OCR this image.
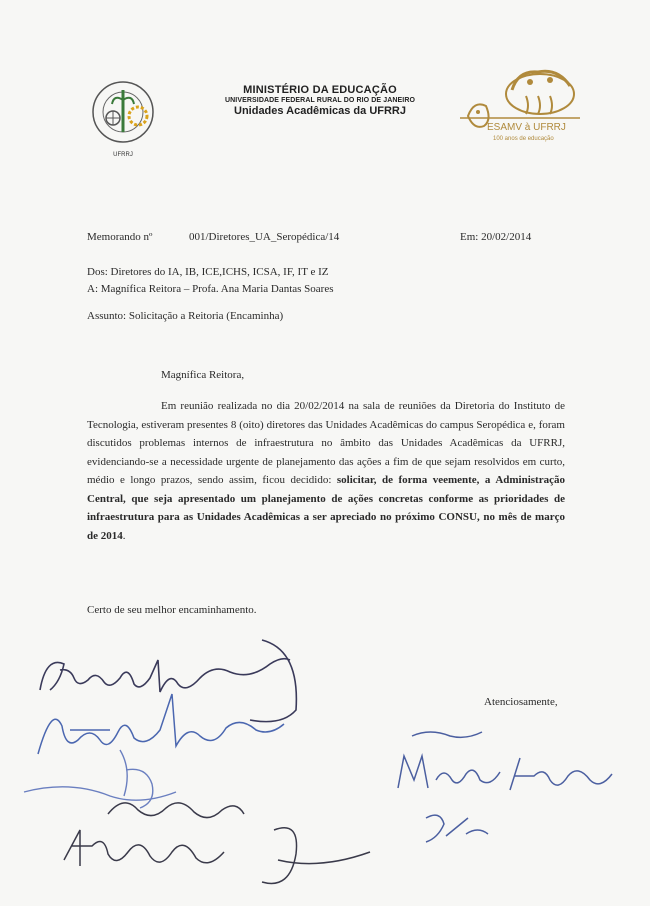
UFRRJ
MINISTÉRIO DA EDUCAÇÃO
UNIVERSIDADE FEDERAL RURAL DO RIO DE JANEIRO
Unidades Acadêmicas da UFRRJ
ESAMV à UFRRJ
100 anos de educação
Memorando nº	001/Diretores_UA_Seropédica/14	Em: 20/02/2014
Dos: Diretores do IA, IB, ICE,ICHS, ICSA, IF, IT e IZ
A: Magnífica Reitora – Profa. Ana Maria Dantas Soares
Assunto: Solicitação a Reitoria (Encaminha)
Magnífica Reitora,
Em reunião realizada no dia 20/02/2014 na sala de reuniões da Diretoria do Instituto de Tecnologia, estiveram presentes 8 (oito) diretores das Unidades Acadêmicas do campus Seropédica e, foram discutidos problemas internos de infraestrutura no âmbito das Unidades Acadêmicas da UFRRJ, evidenciando-se a necessidade urgente de planejamento das ações a fim de que sejam resolvidos em curto, médio e longo prazos, sendo assim, ficou decidido: solicitar, de forma veemente, a Administração Central, que seja apresentado um planejamento de ações concretas conforme as prioridades de infraestrutura para as Unidades Acadêmicas a ser apreciado no próximo CONSU, no mês de março de 2014.
Certo de seu melhor encaminhamento.
Atenciosamente,
